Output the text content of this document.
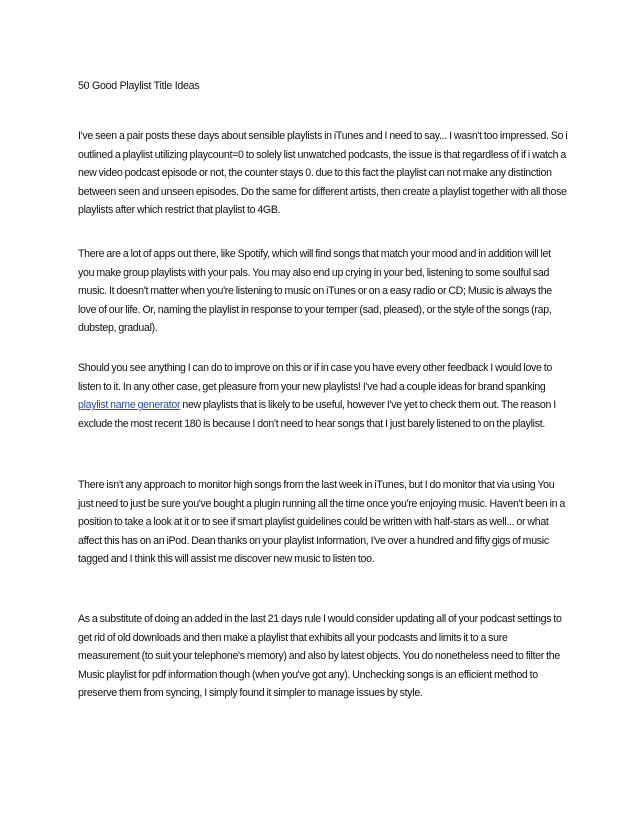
50 Good Playlist Title Ideas

I've seen a pair posts these days about sensible playlists in iTunes and I need to say... I wasn't too impressed. So i outlined a playlist utilizing playcount=0 to solely list unwatched podcasts, the issue is that regardless of if i watch a new video podcast episode or not, the counter stays 0. due to this fact the playlist can not make any distinction between seen and unseen episodes. Do the same for different artists, then create a playlist together with all those playlists after which restrict that playlist to 4GB.

There are a lot of apps out there, like Spotify, which will find songs that match your mood and in addition will let you make group playlists with your pals. You may also end up crying in your bed, listening to some soulful sad music. It doesn't matter when you're listening to music on iTunes or on a easy radio or CD; Music is always the love of our life. Or, naming the playlist in response to your temper (sad, pleased), or the style of the songs (rap, dubstep, gradual).

Should you see anything I can do to improve on this or if in case you have every other feedback I would love to listen to it. In any other case, get pleasure from your new playlists! I've had a couple ideas for brand spanking playlist name generator new playlists that is likely to be useful, however I've yet to check them out. The reason I exclude the most recent 180 is because I don't need to hear songs that I just barely listened to on the playlist.

There isn't any approach to monitor high songs from the last week in iTunes, but I do monitor that via using You just need to just be sure you've bought a plugin running all the time once you're enjoying music. Haven't been in a position to take a look at it or to see if smart playlist guidelines could be written with half-stars as well... or what affect this has on an iPod. Dean thanks on your playlist Information, I've over a hundred and fifty gigs of music tagged and I think this will assist me discover new music to listen too.

As a substitute of doing an added in the last 21 days rule I would consider updating all of your podcast settings to get rid of old downloads and then make a playlist that exhibits all your podcasts and limits it to a sure measurement (to suit your telephone's memory) and also by latest objects. You do nonetheless need to filter the Music playlist for pdf information though (when you've got any). Unchecking songs is an efficient method to preserve them from syncing, I simply found it simpler to manage issues by style.
